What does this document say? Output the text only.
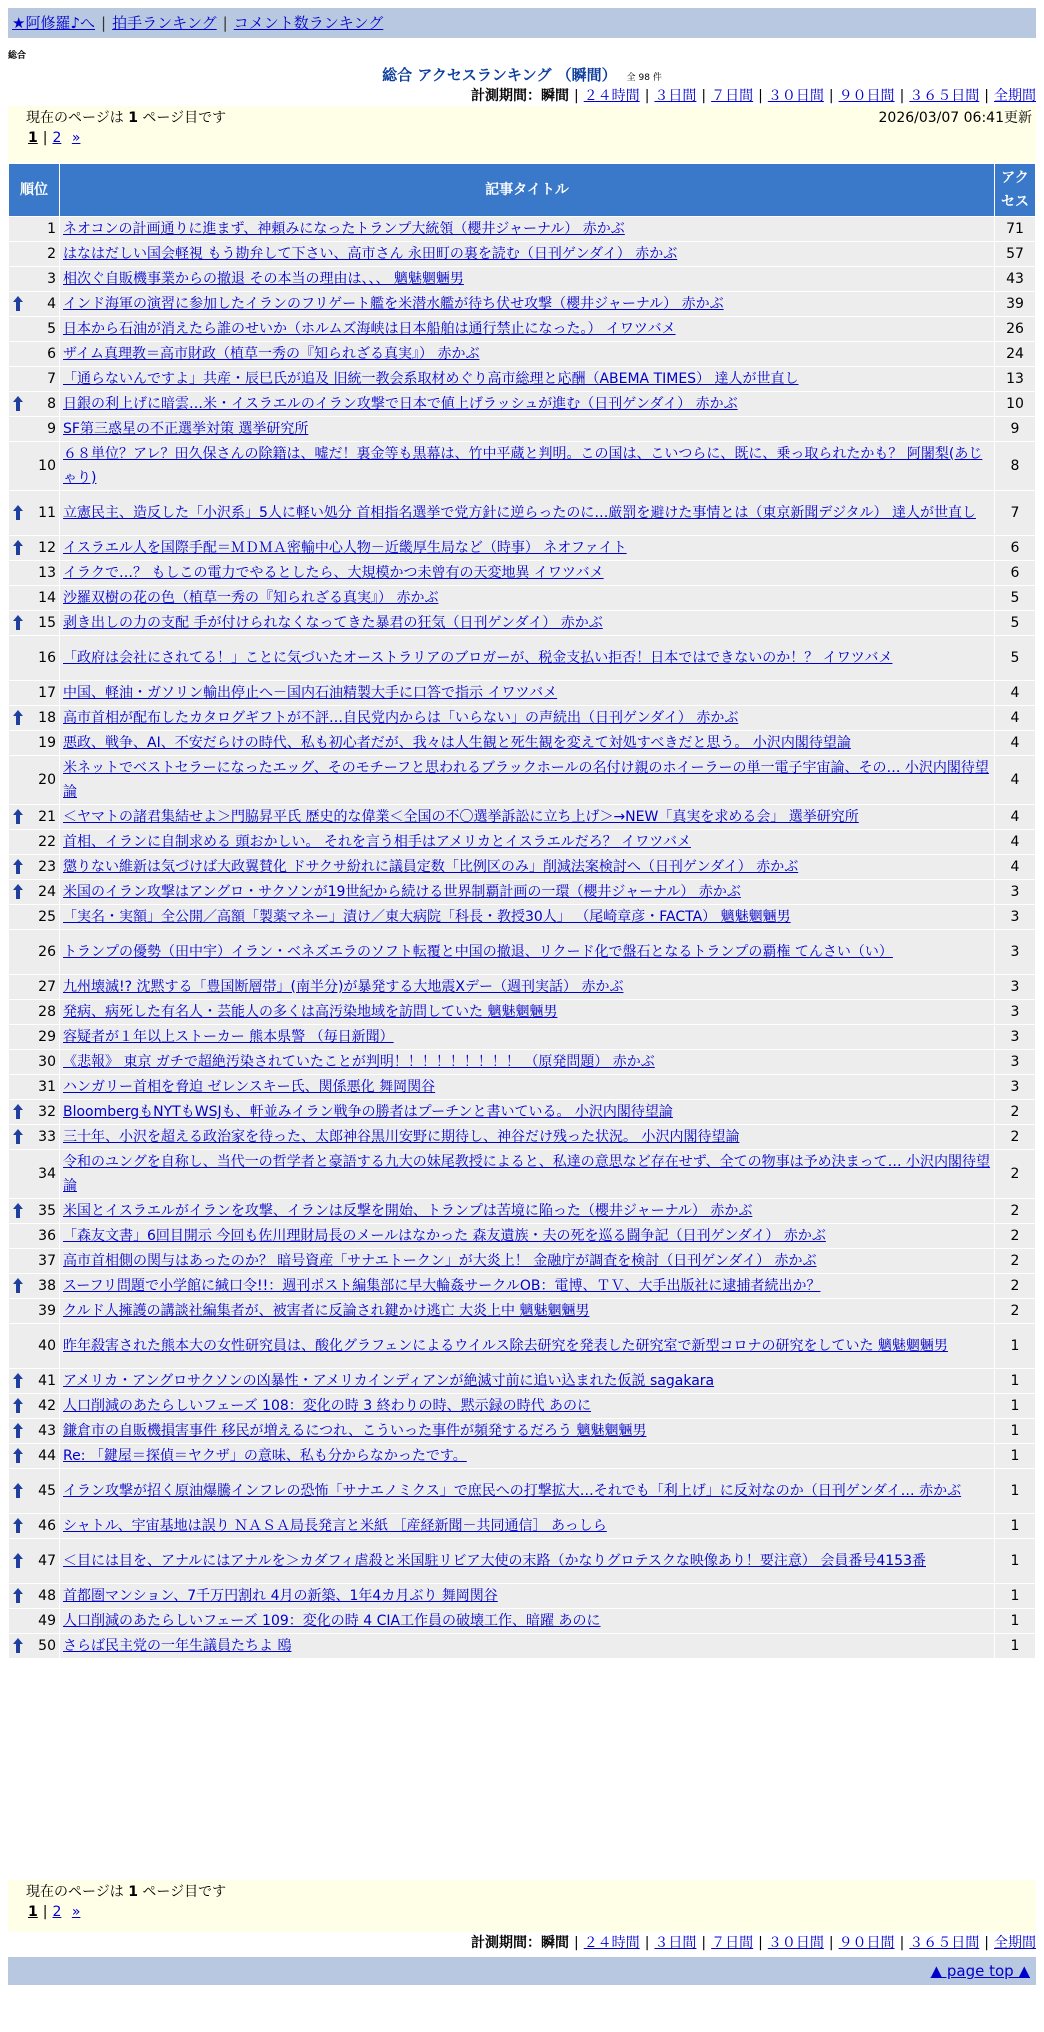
★阿修羅♪へ | 拍手ランキング | コメント数ランキング
総合
総合 アクセスランキング （瞬間） 全 98 件
計測期間：瞬間 | ２４時間 | ３日間 | ７日間 | ３０日間 | ９０日間 | ３６５日間 | 全期間
現在のページは 1 ページ目です	2026/03/07 06:41更新
1 | 2 »
順位	記事タイトル	アクセス
1	ネオコンの計画通りに進まず、神頼みになったトランプ大統領（櫻井ジャーナル） 赤かぶ	71
2	はなはだしい国会軽視 もう勘弁して下さい、高市さん 永田町の裏を読む（日刊ゲンダイ） 赤かぶ	57
3	相次ぐ自販機事業からの撤退 その本当の理由は、、、 魑魅魍魎男	43

4	インド海軍の演習に参加したイランのフリゲート艦を米潜水艦が待ち伏せ攻撃（櫻井ジャーナル） 赤かぶ	39
5	日本から石油が消えたら誰のせいか（ホルムズ海峡は日本船舶は通行禁止になった。） イワツバメ	26
6	ザイム真理教＝高市財政（植草一秀の『知られざる真実』） 赤かぶ	24
7	「通らないんですよ」共産・辰巳氏が追及 旧統一教会系取材めぐり高市総理と応酬（ABEMA TIMES） 達人が世直し	13

8	日銀の利上げに暗雲…米・イスラエルのイラン攻撃で日本で値上げラッシュが進む（日刊ゲンダイ） 赤かぶ	10
9	SF第三惑星の不正選挙対策 選挙研究所	9
10	６８単位？アレ？田久保さんの除籍は、嘘だ！裏金等も黒幕は、竹中平蔵と判明。この国は、こいつらに、既に、乗っ取られたかも？ 阿闍梨(あじゃり)	8

11	立憲民主、造反した「小沢系」5人に軽い処分 首相指名選挙で党方針に逆らったのに…厳罰を避けた事情とは（東京新聞デジタル） 達人が世直し	7

12	イスラエル人を国際手配＝ＭＤＭＡ密輸中心人物－近畿厚生局など（時事） ネオファイト	6
13	イラクで…？ もしこの電力でやるとしたら、大規模かつ未曾有の天変地異 イワツバメ	6
14	沙羅双樹の花の色（植草一秀の『知られざる真実』） 赤かぶ	5

15	剥き出しの力の支配 手が付けられなくなってきた暴君の狂気（日刊ゲンダイ） 赤かぶ	5
16	「政府は会社にされてる！」ことに気づいたオーストラリアのブロガーが、税金支払い拒否！日本ではできないのか！？ イワツバメ	5
17	中国、軽油・ガソリン輸出停止へ－国内石油精製大手に口答で指示 イワツバメ	4

18	高市首相が配布したカタログギフトが不評…自民党内からは「いらない」の声続出（日刊ゲンダイ） 赤かぶ	4
19	悪政、戦争、AI、不安だらけの時代、私も初心者だが、我々は人生観と死生観を変えて対処すべきだと思う。 小沢内閣待望論	4
20	米ネットでベストセラーになったエッグ、そのモチーフと思われるブラックホールの名付け親のホイーラーの単一電子宇宙論、その… 小沢内閣待望論	4

21	＜ヤマトの諸君集結せよ＞門脇昇平氏 歴史的な偉業＜全国の不〇選挙訴訟に立ち上げ＞→NEW「真実を求める会」 選挙研究所	4
22	首相、イランに自制求める 頭おかしい。 それを言う相手はアメリカとイスラエルだろ？ イワツバメ	4

23	懲りない維新は気づけば大政翼賛化 ドサクサ紛れに議員定数「比例区のみ」削減法案検討へ（日刊ゲンダイ） 赤かぶ	4

24	米国のイラン攻撃はアングロ・サクソンが19世紀から続ける世界制覇計画の一環（櫻井ジャーナル） 赤かぶ	3
25	「実名・実額」全公開／高額「製薬マネー」漬け／東大病院「科長・教授30人」 （尾崎章彦・FACTA） 魑魅魍魎男	3
26	トランプの優勢（田中宇）イラン・ベネズエラのソフト転覆と中国の撤退、リクード化で盤石となるトランプの覇権 てんさい（い）	3
27	九州壊滅!? 沈黙する「豊国断層帯」(南半分)が暴発する大地震Xデー（週刊実話） 赤かぶ	3
28	発病、病死した有名人・芸能人の多くは高汚染地域を訪問していた 魑魅魍魎男	3
29	容疑者が１年以上ストーカー 熊本県警 （毎日新聞）	3
30	《悲報》 東京 ガチで超絶汚染されていたことが判明！！！！！！！！！ （原発問題） 赤かぶ	3
31	ハンガリー首相を脅迫 ゼレンスキー氏、関係悪化 舞岡関谷	3

32	BloombergもNYTもWSJも、軒並みイラン戦争の勝者はプーチンと書いている。 小沢内閣待望論	2

33	三十年、小沢を超える政治家を待った、太郎神谷黒川安野に期待し、神谷だけ残った状況。 小沢内閣待望論	2
34	令和のユングを自称し、当代一の哲学者と豪語する九大の妹尾教授によると、私達の意思など存在せず、全ての物事は予め決まって… 小沢内閣待望論	2

35	米国とイスラエルがイランを攻撃、イランは反撃を開始、トランプは苦境に陥った（櫻井ジャーナル） 赤かぶ	2
36	「森友文書」6回目開示 今回も佐川理財局長のメールはなかった 森友遺族・夫の死を巡る闘争記（日刊ゲンダイ） 赤かぶ	2
37	高市首相側の関与はあったのか？ 暗号資産「サナエトークン」が大炎上！ 金融庁が調査を検討（日刊ゲンダイ） 赤かぶ	2

38	スーフリ問題で小学館に緘口令!!：週刊ポスト編集部に早大輪姦サークルOB：電博、ＴＶ、大手出版社に逮捕者続出か？	2
39	クルド人擁護の講談社編集者が、被害者に反論され鍵かけ逃亡 大炎上中 魑魅魍魎男	2
40	昨年殺害された熊本大の女性研究員は、酸化グラフェンによるウイルス除去研究を発表した研究室で新型コロナの研究をしていた 魑魅魍魎男	1

41	アメリカ・アングロサクソンの凶暴性・アメリカインディアンが絶滅寸前に追い込まれた仮説 sagakara	1

42	人口削減のあたらしいフェーズ 108：変化の時 3 終わりの時、黙示録の時代 あのに	1

43	鎌倉市の自販機損害事件 移民が増えるにつれ、こういった事件が頻発するだろう 魑魅魍魎男	1

44	Re: 「鍵屋＝探偵＝ヤクザ」の意味、私も分からなかったです。	1

45	イラン攻撃が招く原油爆騰インフレの恐怖「サナエノミクス」で庶民への打撃拡大…それでも「利上げ」に反対なのか（日刊ゲンダイ… 赤かぶ	1

46	シャトル、宇宙基地は誤り ＮＡＳＡ局長発言と米紙 ［産経新聞－共同通信］ あっしら	1

47	＜目には目を、アナルにはアナルを＞カダフィ虐殺と米国駐リビア大使の末路（かなりグロテスクな映像あり！要注意） 会員番号4153番	1

48	首都圏マンション、7千万円割れ 4月の新築、1年4カ月ぶり 舞岡関谷	1
49	人口削減のあたらしいフェーズ 109：変化の時 4 CIA工作員の破壊工作、暗躍 あのに	1

50	さらば民主党の一年生議員たちよ 鴎	1
現在のページは 1 ページ目です
1 | 2 »
計測期間：瞬間 | ２４時間 | ３日間 | ７日間 | ３０日間 | ９０日間 | ３６５日間 | 全期間
▲ page top ▲
